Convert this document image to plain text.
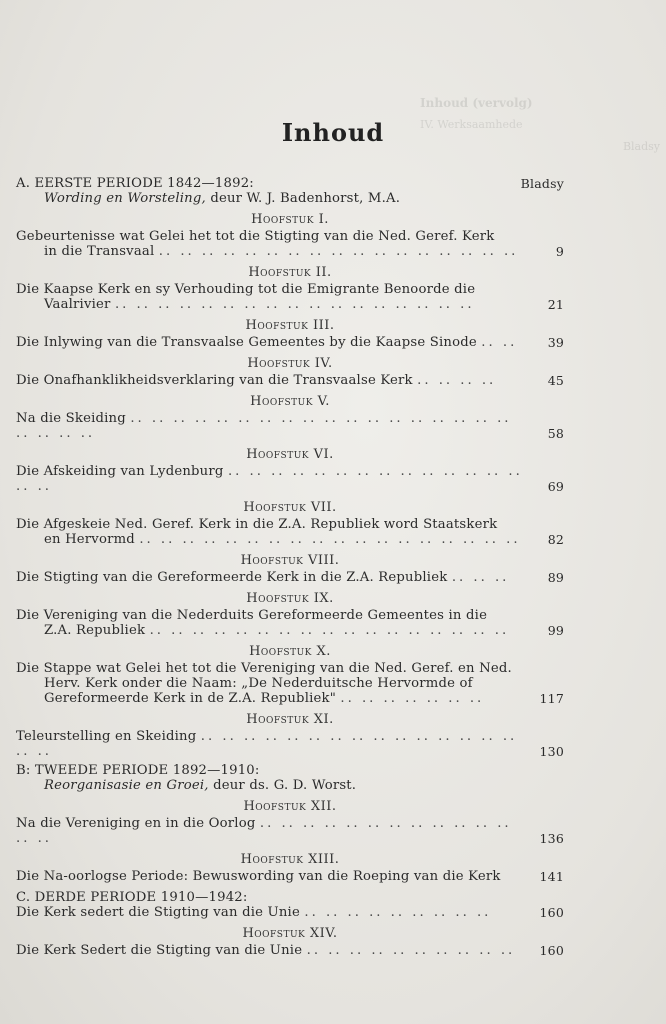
Inhoud (vervolg)
IV. Werksaamhede
Bladsy
Inhoud
A. EERSTE PERIODE 1842—1892:	Bladsy
Wording en Worsteling, deur W. J. Badenhorst, M.A.
Hoofstuk I.
Gebeurtenisse wat Gelei het tot die Stigting van die Ned. Geref. Kerk
in die Transvaal .. .. .. .. .. .. .. .. .. .. .. .. .. .. .. .. ..	9
Hoofstuk II.
Die Kaapse Kerk en sy Verhouding tot die Emigrante Benoorde die
Vaalrivier .. .. .. .. .. .. .. .. .. .. .. .. .. .. .. .. ..	21
Hoofstuk III.
Die Inlywing van die Transvaalse Gemeentes by die Kaapse Sinode .. ..	39
Hoofstuk IV.
Die Onafhanklikheidsverklaring van die Transvaalse Kerk .. .. .. ..	45
Hoofstuk V.
Na die Skeiding .. .. .. .. .. .. .. .. .. .. .. .. .. .. .. .. .. .. .. .. .. ..	58
Hoofstuk VI.
Die Afskeiding van Lydenburg .. .. .. .. .. .. .. .. .. .. .. .. .. .. .. ..	69
Hoofstuk VII.
Die Afgeskeie Ned. Geref. Kerk in die Z.A. Republiek word Staatskerk
en Hervormd .. .. .. .. .. .. .. .. .. .. .. .. .. .. .. .. .. ..	82
Hoofstuk VIII.
Die Stigting van die Gereformeerde Kerk in die Z.A. Republiek .. .. ..	89
Hoofstuk IX.
Die Vereniging van die Nederduits Gereformeerde Gemeentes in die
Z.A. Republiek .. .. .. .. .. .. .. .. .. .. .. .. .. .. .. .. ..	99
Hoofstuk X.
Die Stappe wat Gelei het tot die Vereniging van die Ned. Geref. en Ned.
Herv. Kerk onder die Naam: „De Nederduitsche Hervormde of
Gereformeerde Kerk in de Z.A. Republiek" .. .. .. .. .. .. ..	117
Hoofstuk XI.
Teleurstelling en Skeiding .. .. .. .. .. .. .. .. .. .. .. .. .. .. .. .. ..	130
B: TWEEDE PERIODE 1892—1910:
Reorganisasie en Groei, deur ds. G. D. Worst.
Hoofstuk XII.
Na die Vereniging en in die Oorlog .. .. .. .. .. .. .. .. .. .. .. .. .. ..	136
Hoofstuk XIII.
Die Na-oorlogse Periode: Bewuswording van die Roeping van die Kerk	141
C. DERDE PERIODE 1910—1942:
Die Kerk sedert die Stigting van die Unie .. .. .. .. .. .. .. .. ..	160
Hoofstuk XIV.
Die Kerk Sedert die Stigting van die Unie .. .. .. .. .. .. .. .. .. ..	160
